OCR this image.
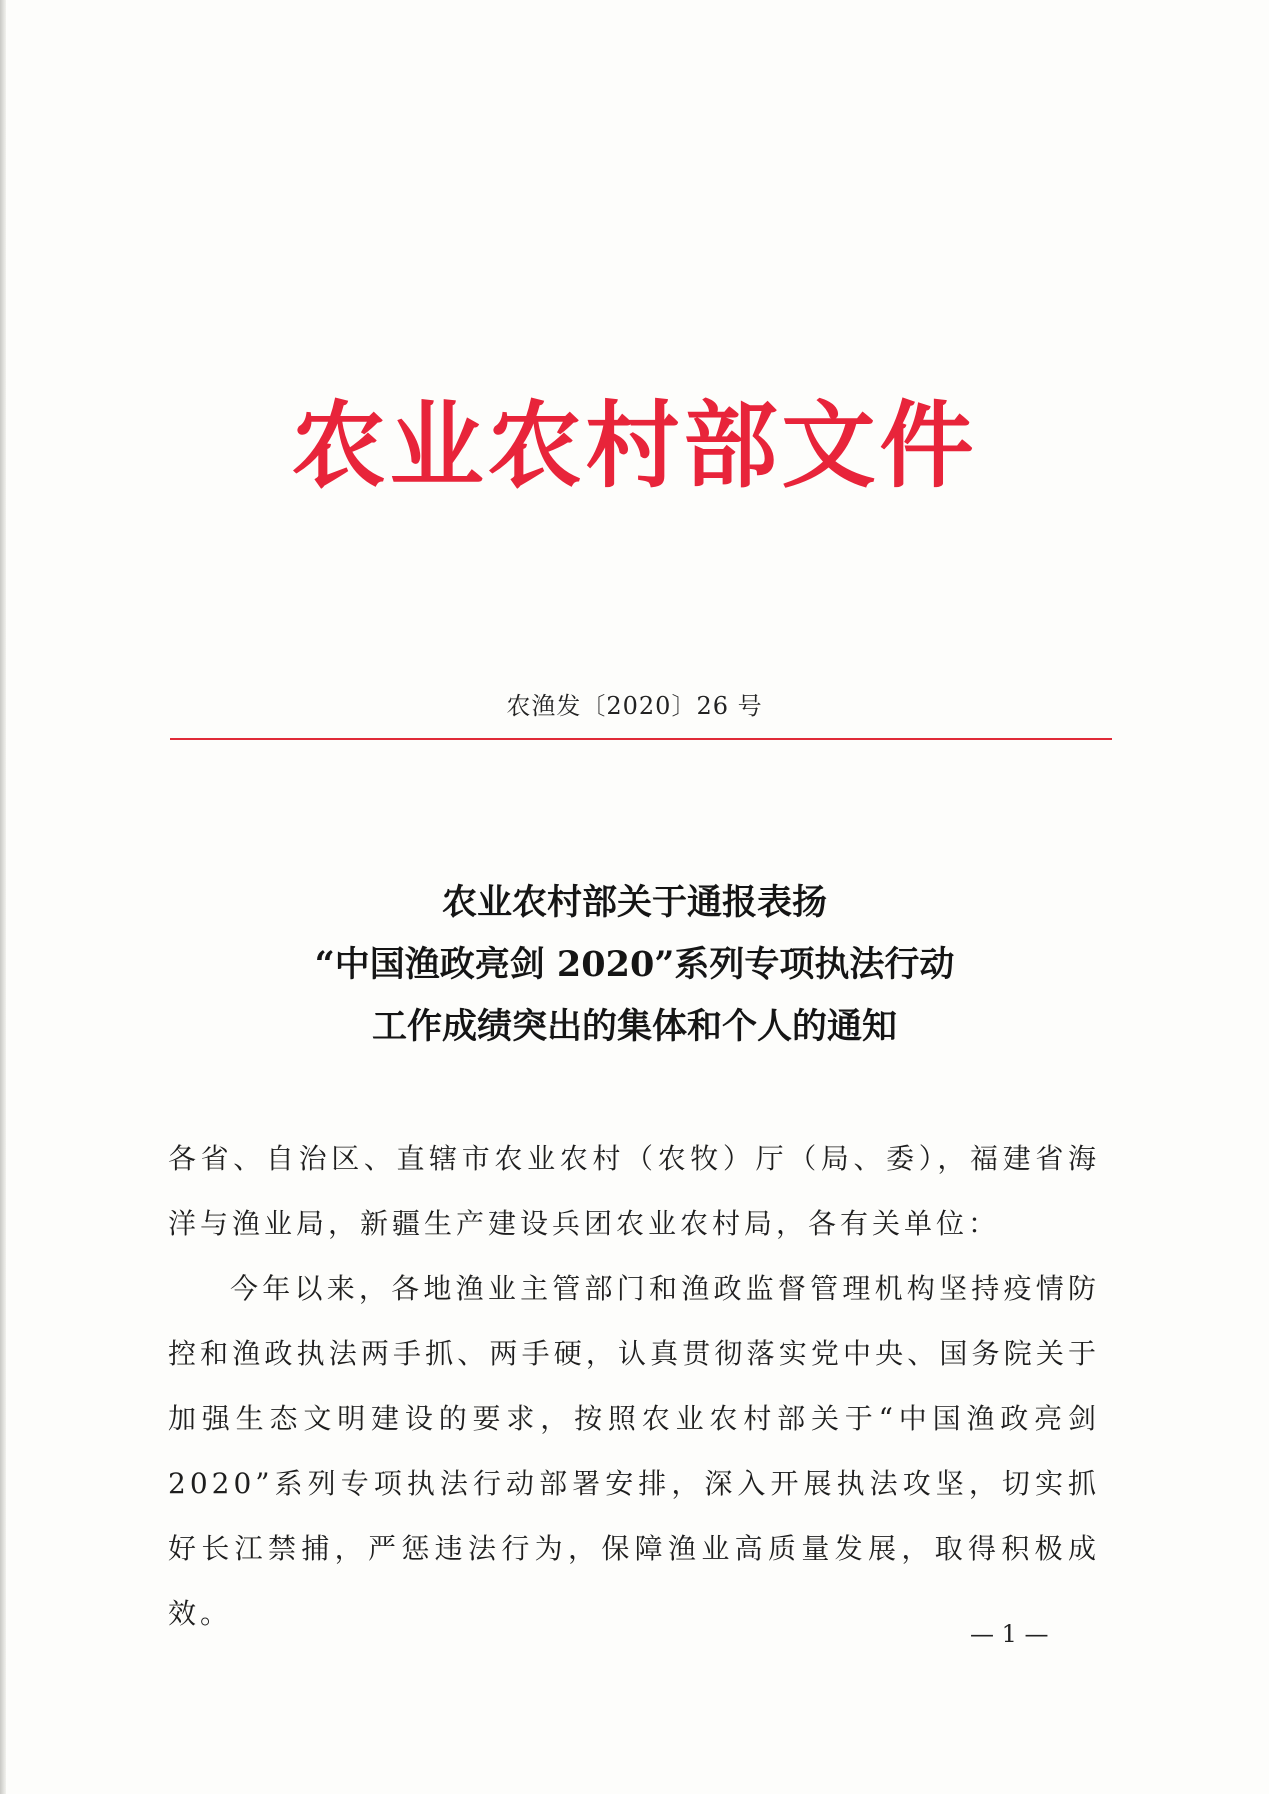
农业农村部文件
农渔发〔2020〕26 号
农业农村部关于通报表扬
“中国渔政亮剑 2020”系列专项执法行动
工作成绩突出的集体和个人的通知

各省、自治区、直辖市农业农村（农牧）厅（局、委），福建省海洋与渔业局，新疆生产建设兵团农业农村局，各有关单位：

今年以来，各地渔业主管部门和渔政监督管理机构坚持疫情防控和渔政执法两手抓、两手硬，认真贯彻落实党中央、国务院关于加强生态文明建设的要求，按照农业农村部关于“中国渔政亮剑 2020”系列专项执法行动部署安排，深入开展执法攻坚，切实抓好长江禁捕，严惩违法行为，保障渔业高质量发展，取得积极成效。

— 1 —
